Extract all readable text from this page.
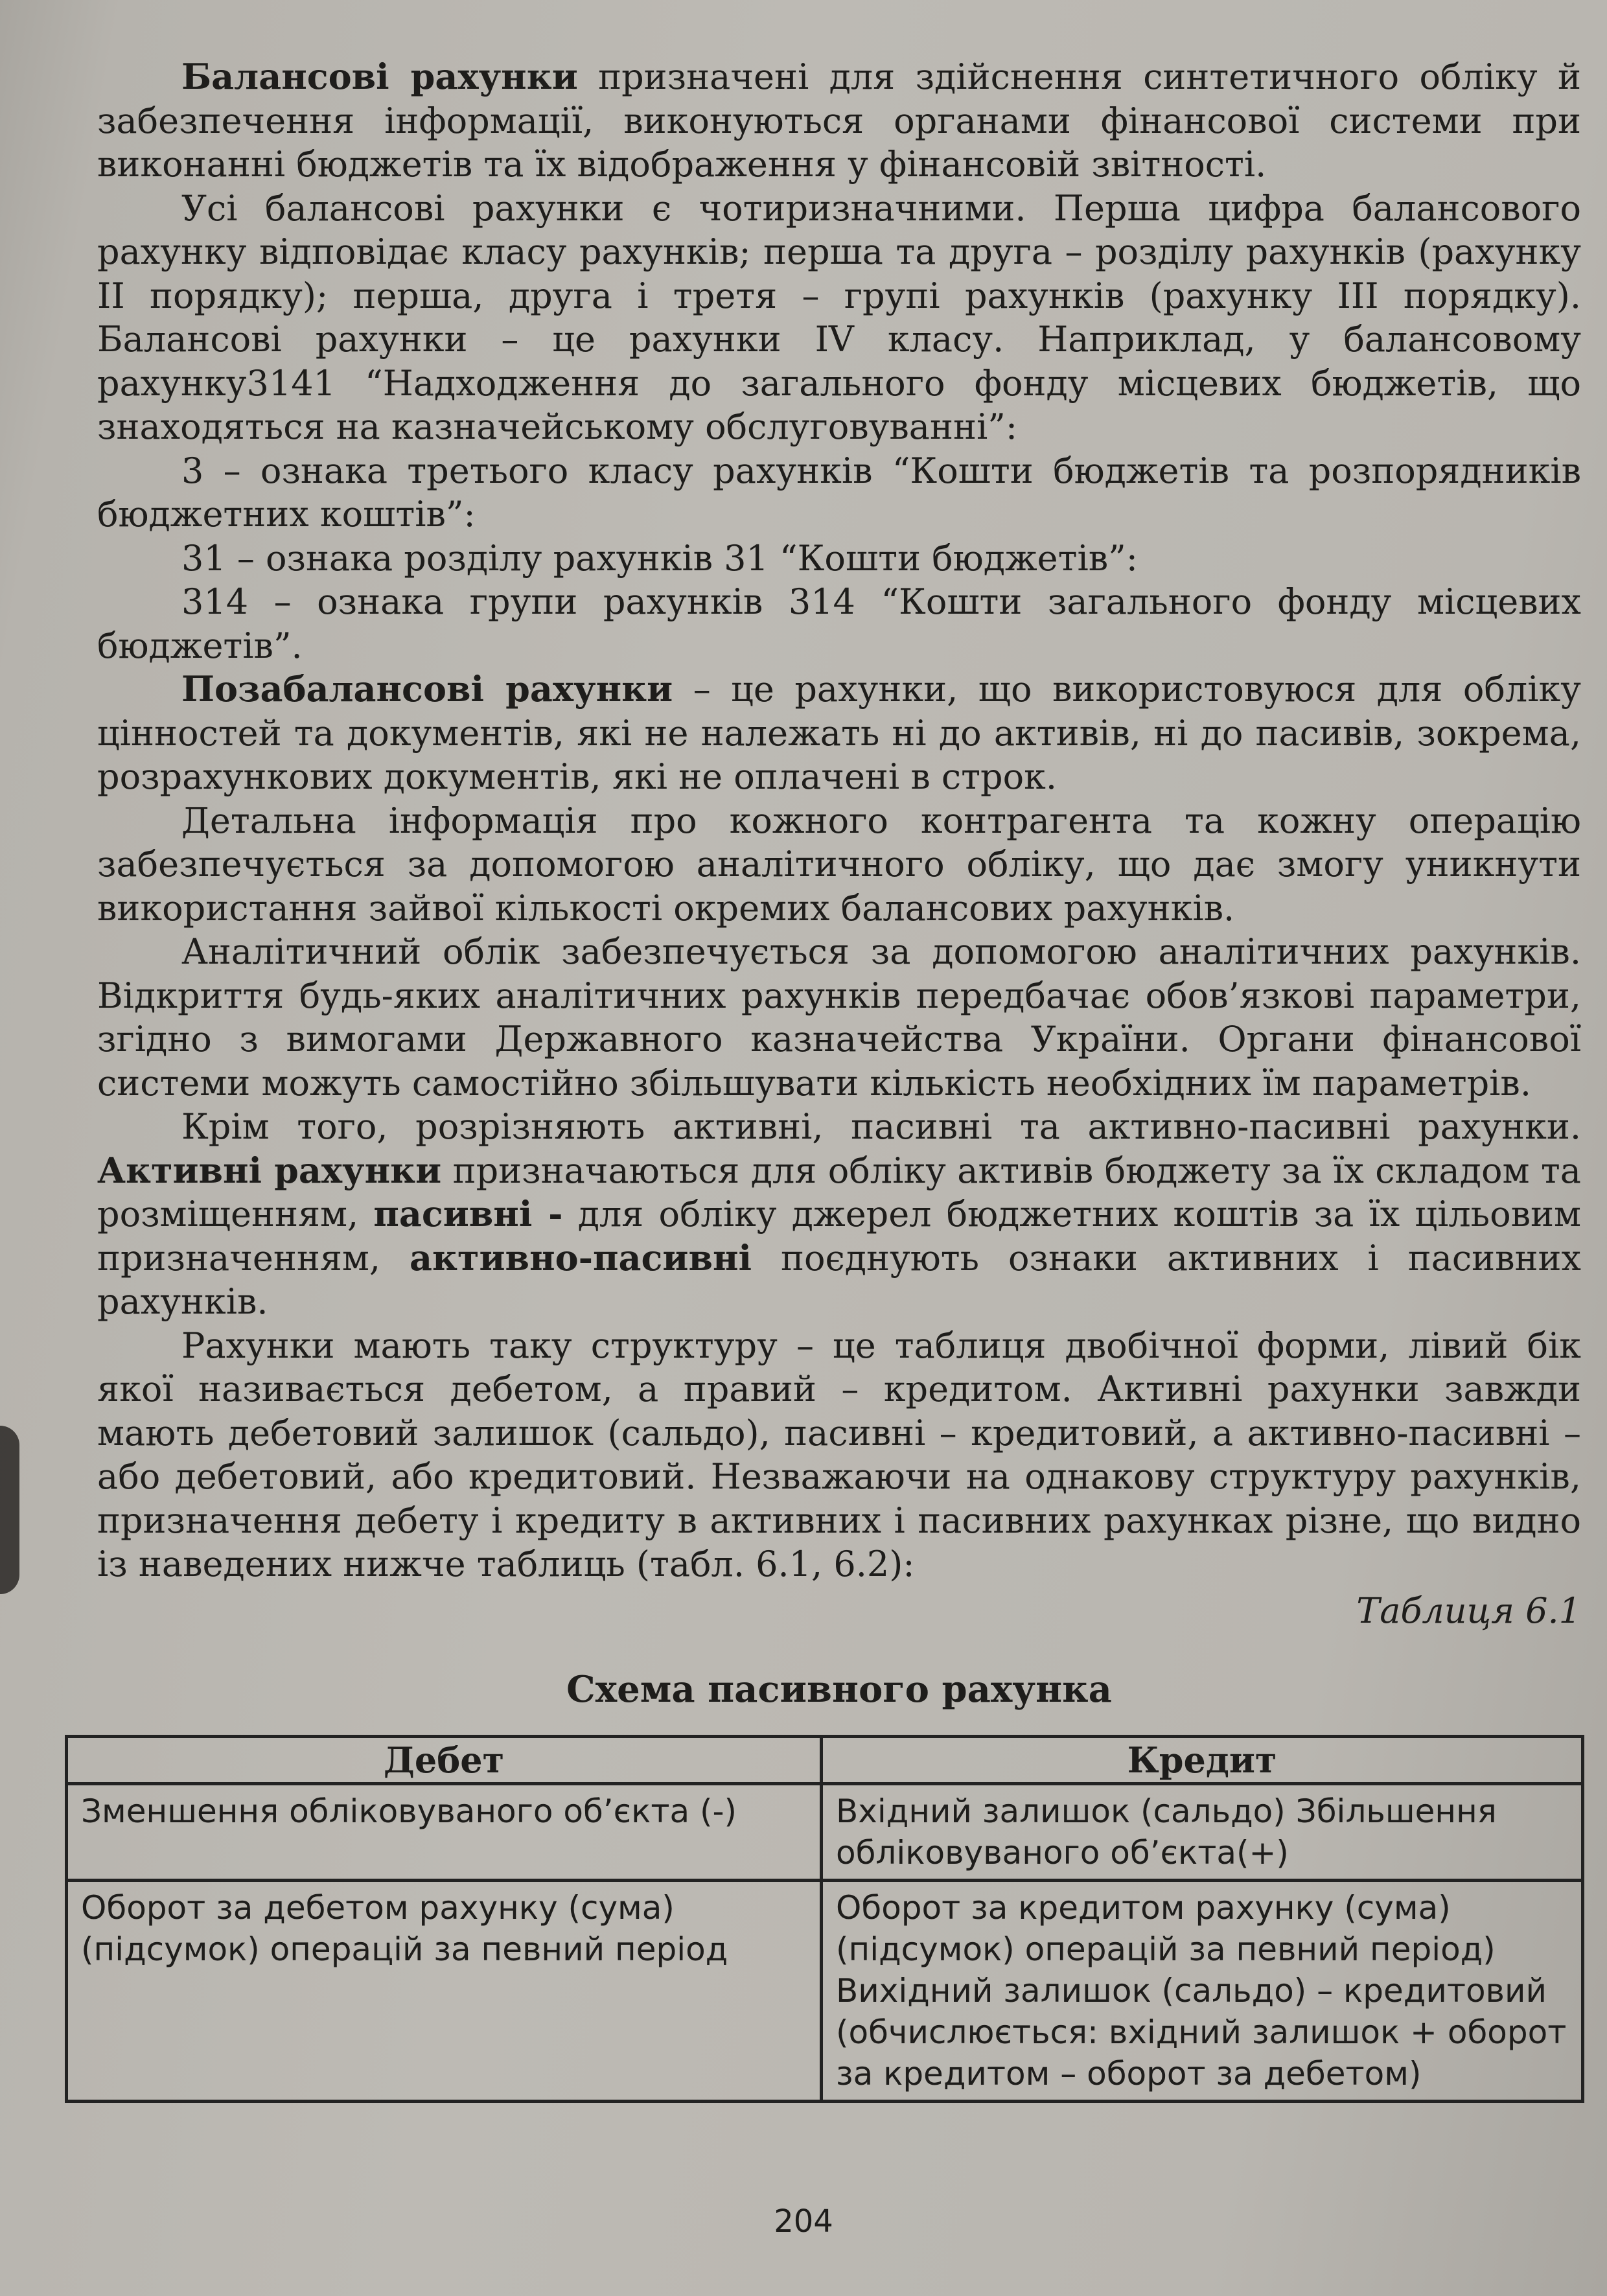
Балансові рахунки призначені для здійснення синтетичного обліку й забезпечення інформації, виконуються органами фінансової системи при виконанні бюджетів та їх відображення у фінансовій звітності.

Усі балансові рахунки є чотиризначними. Перша цифра балансового рахунку відповідає класу рахунків; перша та друга – розділу рахунків (рахунку ІІ порядку); перша, друга і третя – групі рахунків (рахунку ІІІ порядку). Балансові рахунки – це рахунки IV класу. Наприклад, у балансовому рахунку3141 “Надходження до загального фонду місцевих бюджетів, що знаходяться на казначейському обслуговуванні”:

3 – ознака третього класу рахунків “Кошти бюджетів та розпорядників бюджетних коштів”:

31 – ознака розділу рахунків 31 “Кошти бюджетів”:

314 – ознака групи рахунків 314 “Кошти загального фонду місцевих бюджетів”.

Позабалансові рахунки – це рахунки, що використовуюся для обліку цінностей та документів, які не належать ні до активів, ні до пасивів, зокрема, розрахункових документів, які не оплачені в строк.

Детальна інформація про кожного контрагента та кожну операцію забезпечується за допомогою аналітичного обліку, що дає змогу уникнути використання зайвої кількості окремих балансових рахунків.

Аналітичний облік забезпечується за допомогою аналітичних рахунків. Відкриття будь-яких аналітичних рахунків передбачає обов’язкові параметри, згідно з вимогами Державного казначейства України. Органи фінансової системи можуть самостійно збільшувати кількість необхідних їм параметрів.

Крім того, розрізняють активні, пасивні та активно-пасивні рахунки. Активні рахунки призначаються для обліку активів бюджету за їх складом та розміщенням, пасивні - для обліку джерел бюджетних коштів за їх цільовим призначенням, активно-пасивні поєднують ознаки активних і пасивних рахунків.

Рахунки мають таку структуру – це таблиця двобічної форми, лівий бік якої називається дебетом, а правий – кредитом. Активні рахунки завжди мають дебетовий залишок (сальдо), пасивні – кредитовий, а активно-пасивні – або дебетовий, або кредитовий. Незважаючи на однакову структуру рахунків, призначення дебету і кредиту в активних і пасивних рахунках різне, що видно із наведених нижче таблиць (табл. 6.1, 6.2):

Таблиця 6.1
Схема пасивного рахунка
Дебет	Кредит
Зменшення обліковуваного об’єкта (-)	Вхідний залишок (сальдо) Збільшення обліковуваного об’єкта(+)
Оборот за дебетом рахунку (сума) (підсумок) операцій за певний період	Оборот за кредитом рахунку (сума) (підсумок) операцій за певний період) Вихідний залишок (сальдо) – кредитовий (обчислюється: вхідний залишок + оборот за кредитом – оборот за дебетом)
204
